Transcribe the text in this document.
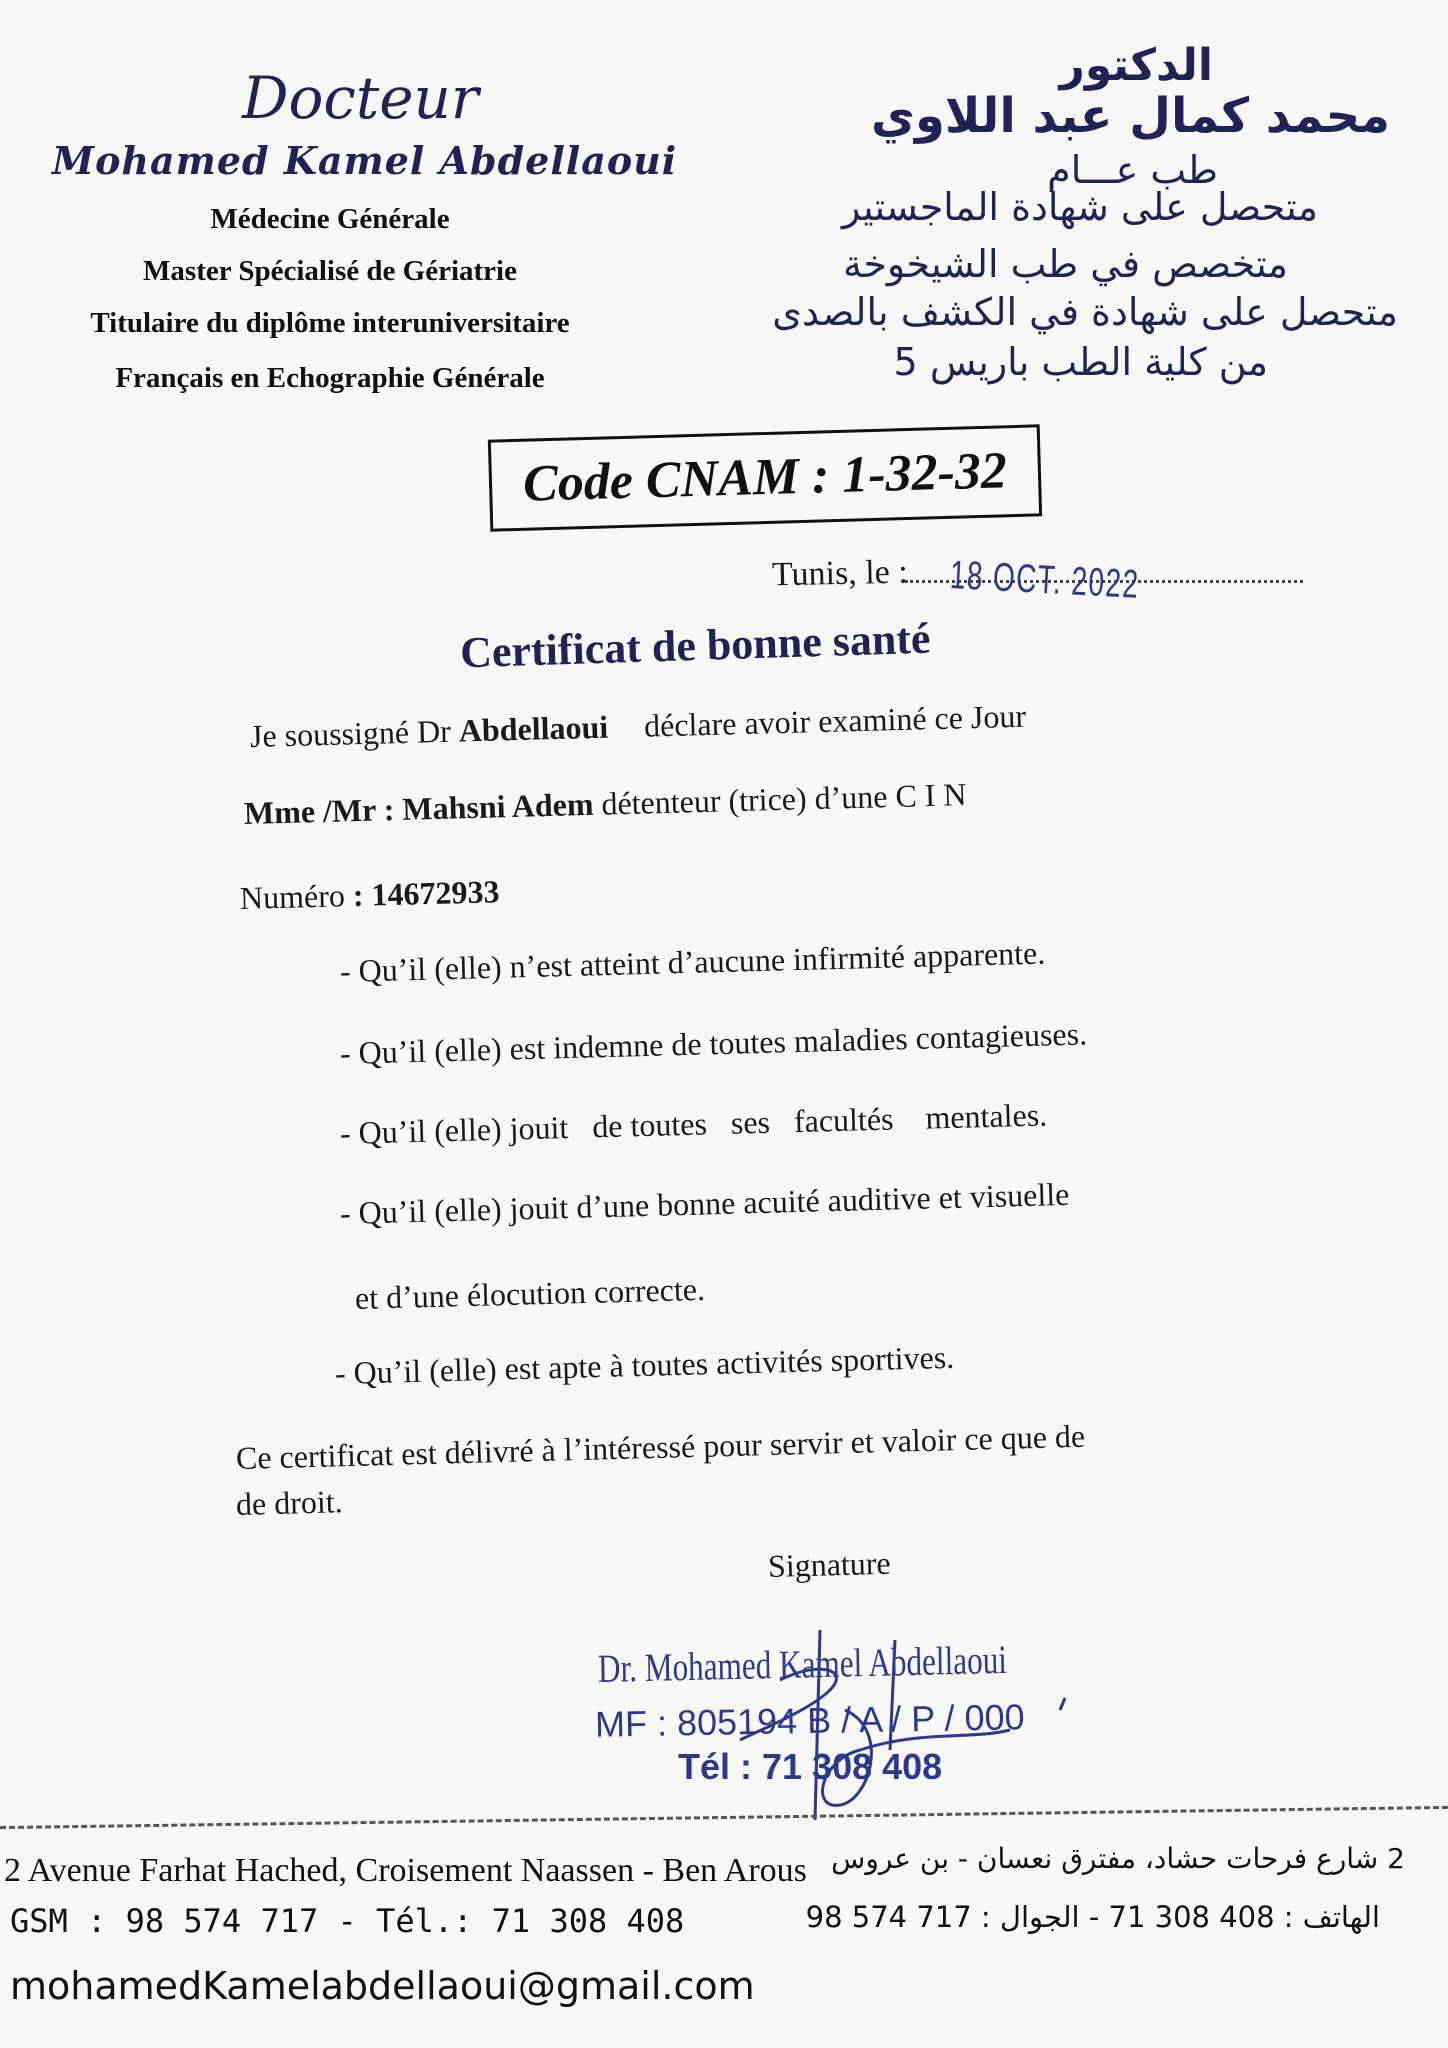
Docteur
Mohamed Kamel Abdellaoui
Médecine Générale
Master Spécialisé de Gériatrie
Titulaire du diplôme interuniversitaire
Français en Echographie Générale
الدكتور
محمد كمال عبد اللاوي
طب عـــام
متحصل على شهادة الماجستير
متخصص في طب الشيخوخة
متحصل على شهادة في الكشف بالصدى
من كلية الطب باريس 5
Code CNAM : 1-32-32
Tunis, le : 18 OCT. 2022
Certificat de bonne santé
Je soussigné Dr Abdellaoui déclare avoir examiné ce Jour
Mme /Mr : Mahsni Adem détenteur (trice) d’une C I N
Numéro : 14672933
- Qu’il (elle) n’est atteint d’aucune infirmité apparente.
- Qu’il (elle) est indemne de toutes maladies contagieuses.
- Qu’il (elle) jouit   de toutes   ses   facultés    mentales.
- Qu’il (elle) jouit d’une bonne acuité auditive et visuelle
et d’une élocution correcte.
- Qu’il (elle) est apte à toutes activités sportives.
Ce certificat est délivré à l’intéressé pour servir et valoir ce que de
de droit.
Signature
Dr. Mohamed Kamel Abdellaoui
MF : 805194 B / A / P / 000
Tél : 71 308 408
2 Avenue Farhat Hached, Croisement Naassen - Ben Arous
GSM : 98 574 717 - Tél.: 71 308 408
mohamedKamelabdellaoui@gmail.com
2 شارع فرحات حشاد، مفترق نعسان - بن عروس
الهاتف : 408 308 71 - الجوال : 717 574 98
